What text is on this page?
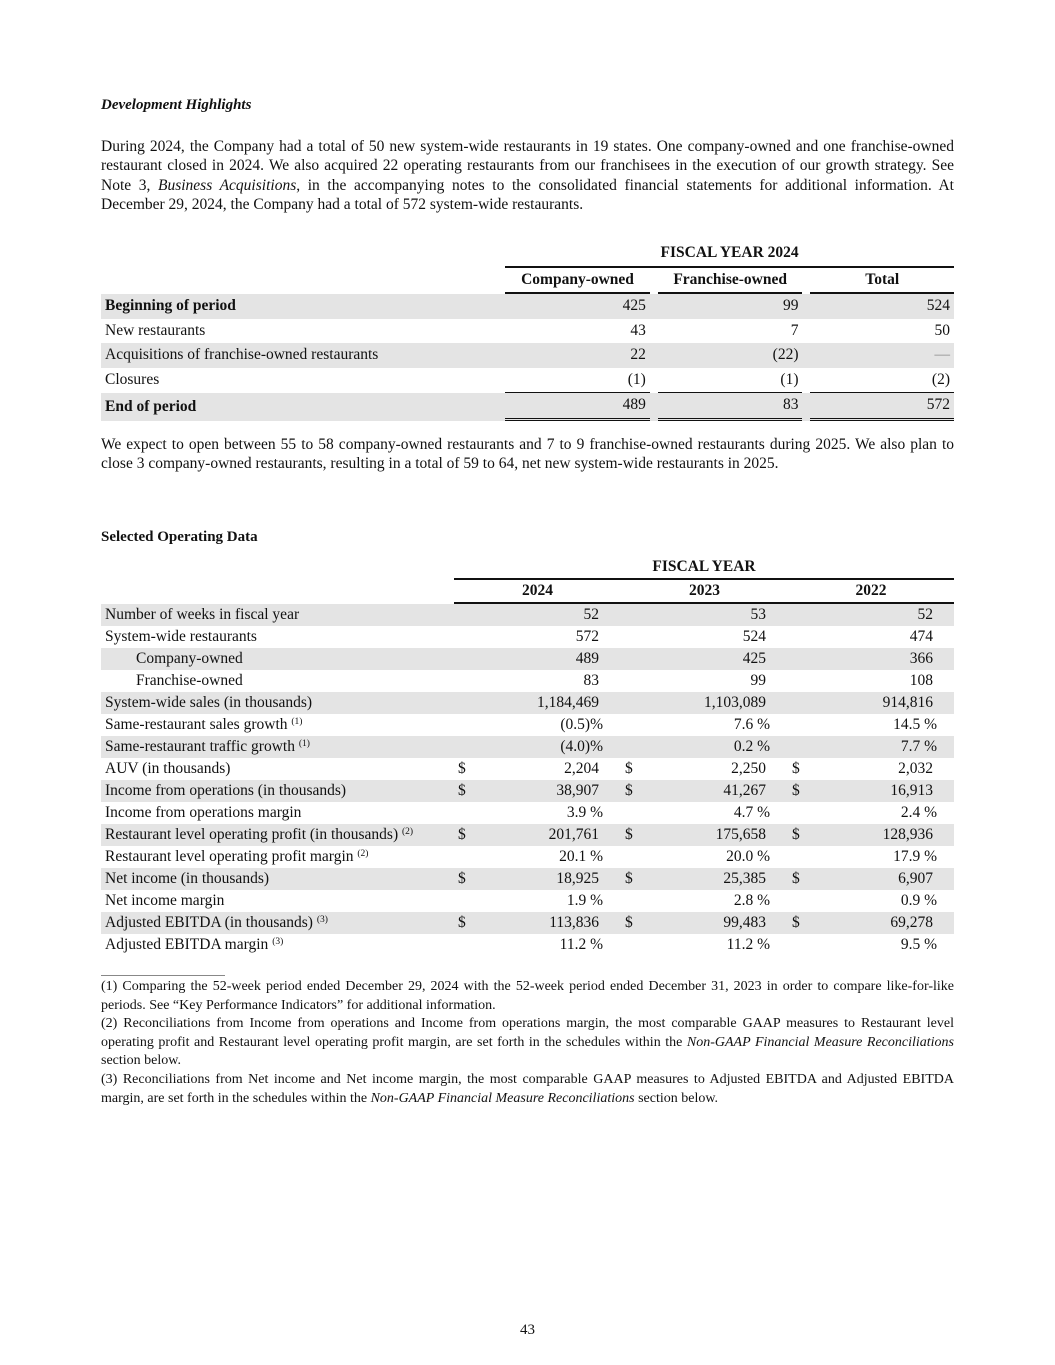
Development Highlights
During 2024, the Company had a total of 50 new system-wide restaurants in 19 states. One company-owned and one franchise-owned restaurant closed in 2024. We also acquired 22 operating restaurants from our franchisees in the execution of our growth strategy. See Note 3, Business Acquisitions, in the accompanying notes to the consolidated financial statements for additional information. At December 29, 2024, the Company had a total of 572 system-wide restaurants.
	FISCAL YEAR 2024				
	Company-owned		Franchise-owned		Total
Beginning of period	425		99		524
New restaurants	43		7		50
Acquisitions of franchise-owned restaurants	22		(22)		—
Closures	(1)		(1)		(2)
End of period	489		83		572
We expect to open between 55 to 58 company-owned restaurants and 7 to 9 franchise-owned restaurants during 2025. We also plan to close 3 company-owned restaurants, resulting in a total of 59 to 64, net new system-wide restaurants in 2025.
Selected Operating Data
	FISCAL YEAR								
	2024			2023			2022		
Number of weeks in fiscal year		52			53			52	
System-wide restaurants		572			524			474	
Company-owned		489			425			366	
Franchise-owned		83			99			108	
System-wide sales (in thousands)		1,184,469			1,103,089			914,816	
Same-restaurant sales growth $^{(1)}$		(0.5)%			7.6 %			14.5 %	
Same-restaurant traffic growth $^{(1)}$		(4.0)%			0.2 %			7.7 %	
AUV (in thousands)	$	2,204		$	2,250		$	2,032	
Income from operations (in thousands)	$	38,907		$	41,267		$	16,913	
Income from operations margin		3.9 %			4.7 %			2.4 %	
Restaurant level operating profit (in thousands) $^{(2)}$	$	201,761		$	175,658		$	128,936	
Restaurant level operating profit margin $^{(2)}$		20.1 %			20.0 %			17.9 %	
Net income (in thousands)	$	18,925		$	25,385		$	6,907	
Net income margin		1.9 %			2.8 %			0.9 %	
Adjusted EBITDA (in thousands) $^{(3)}$	$	113,836		$	99,483		$	69,278	
Adjusted EBITDA margin $^{(3)}$		11.2 %			11.2 %			9.5 %	
(1) Comparing the 52-week period ended December 29, 2024 with the 52-week period ended December 31, 2023 in order to compare like-for-like periods. See “Key Performance Indicators” for additional information.
(2) Reconciliations from Income from operations and Income from operations margin, the most comparable GAAP measures to Restaurant level operating profit and Restaurant level operating profit margin, are set forth in the schedules within the Non-GAAP Financial Measure Reconciliations section below.
(3) Reconciliations from Net income and Net income margin, the most comparable GAAP measures to Adjusted EBITDA and Adjusted EBITDA margin, are set forth in the schedules within the Non-GAAP Financial Measure Reconciliations section below.
43
